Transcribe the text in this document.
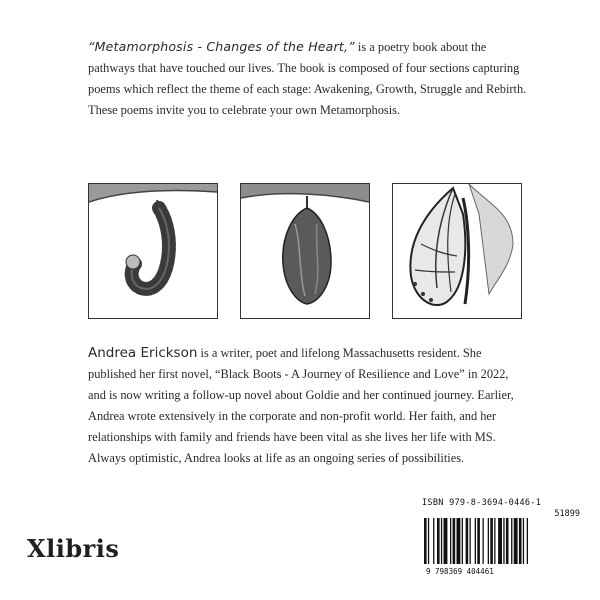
“Metamorphosis - Changes of the Heart,” is a poetry book about the pathways that have touched our lives. The book is composed of four sections capturing poems which reflect the theme of each stage: Awakening, Growth, Struggle and Rebirth. These poems invite you to celebrate your own Metamorphosis.
Andrea Erickson is a writer, poet and lifelong Massachusetts resident. She published her first novel, “Black Boots - A Journey of Resilience and Love” in 2022, and is now writing a follow-up novel about Goldie and her continued journey. Earlier, Andrea wrote extensively in the corporate and non-profit world. Her faith, and her relationships with family and friends have been vital as she lives her life with MS. Always optimistic, Andrea looks at life as an ongoing series of possibilities.
Xlibris
ISBN 979-8-3694-0446-1
51899
9 798369 404461
